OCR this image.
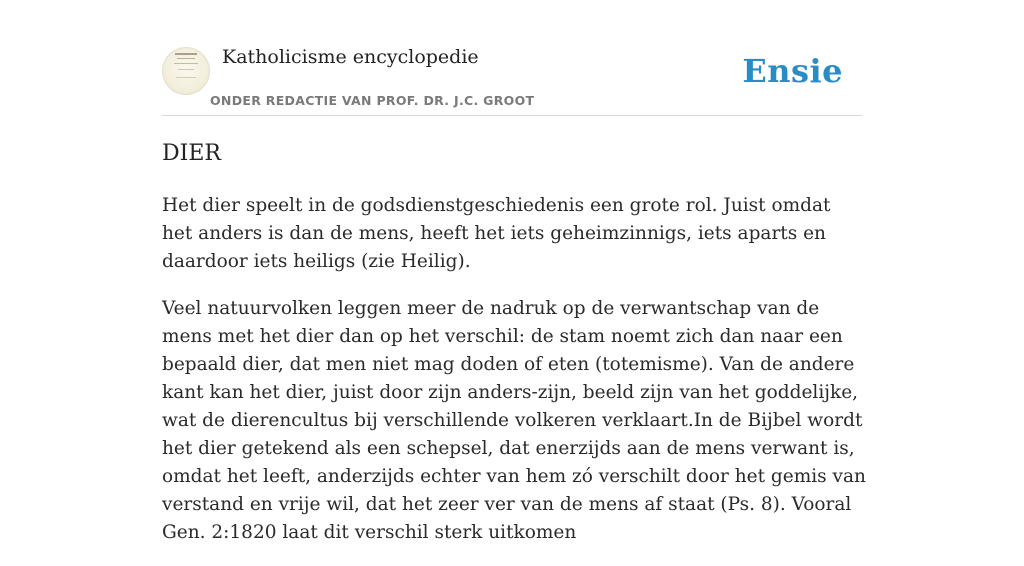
Katholicisme encyclopedie
ONDER REDACTIE VAN PROF. DR. J.C. GROOT
Ensie
DIER

Het dier speelt in de godsdienstgeschiedenis een grote rol. Juist omdat het anders is dan de mens, heeft het iets geheimzinnigs, iets aparts en daardoor iets heiligs (zie Heilig).

Veel natuurvolken leggen meer de nadruk op de verwantschap van de mens met het dier dan op het verschil: de stam noemt zich dan naar een bepaald dier, dat men niet mag doden of eten (totemisme). Van de andere kant kan het dier, juist door zijn anders-zijn, beeld zijn van het goddelijke, wat de dierencultus bij verschillende volkeren verklaart.In de Bijbel wordt het dier getekend als een schepsel, dat enerzijds aan de mens verwant is, omdat het leeft, anderzijds echter van hem zó verschilt door het gemis van verstand en vrije wil, dat het zeer ver van de mens af staat (Ps. 8). Vooral Gen. 2:1820 laat dit verschil sterk uitkomen
